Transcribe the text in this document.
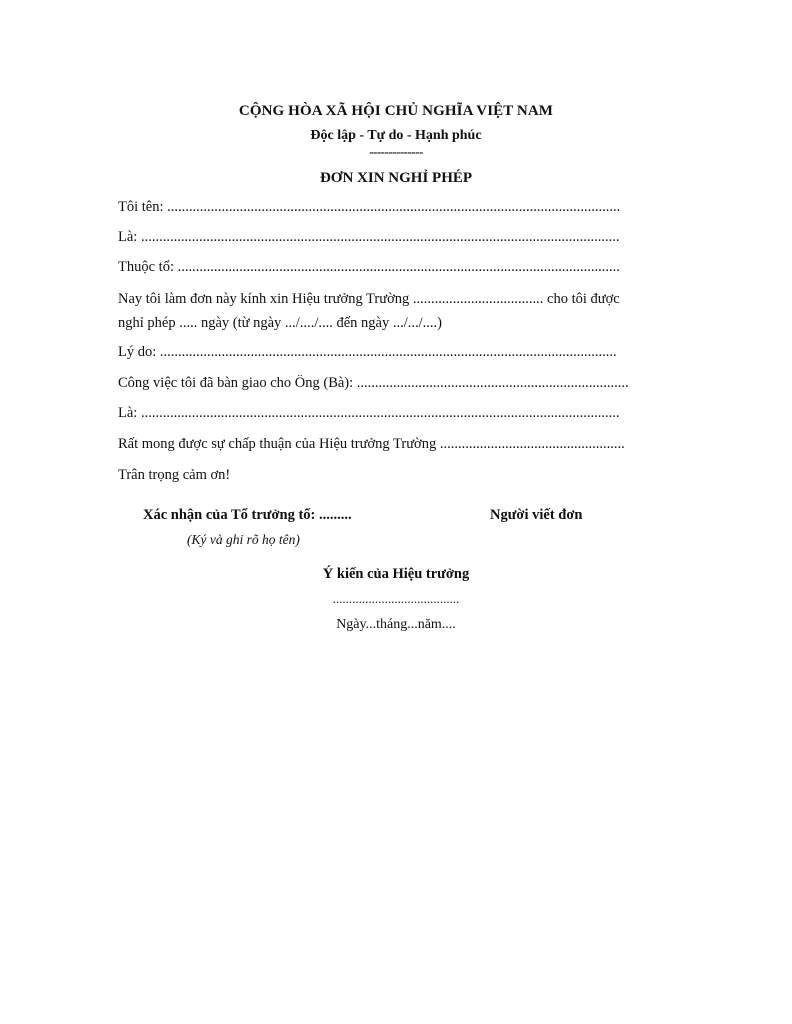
CỘNG HÒA XÃ HỘI CHỦ NGHĨA VIỆT NAM
Độc lập - Tự do - Hạnh phúc
--------------
ĐƠN XIN NGHỈ PHÉP
Tôi tên: .............................................................................................................................
Là: ....................................................................................................................................
Thuộc tổ: ..........................................................................................................................
Nay tôi làm đơn này kính xin Hiệu trưởng Trường .................................... cho tôi được
nghỉ phép ..... ngày (từ ngày .../..../.... đến ngày .../.../....)
Lý do: ..............................................................................................................................
Công việc tôi đã bàn giao cho Ông (Bà): ...........................................................................
Là: ....................................................................................................................................
Rất mong được sự chấp thuận của Hiệu trưởng Trường ...................................................
Trân trọng cảm ơn!
Xác nhận của Tổ trưởng tổ: .........
(Ký và ghi rõ họ tên)
Người viết đơn
Ý kiến của Hiệu trưởng
.......................................
Ngày...tháng...năm....
